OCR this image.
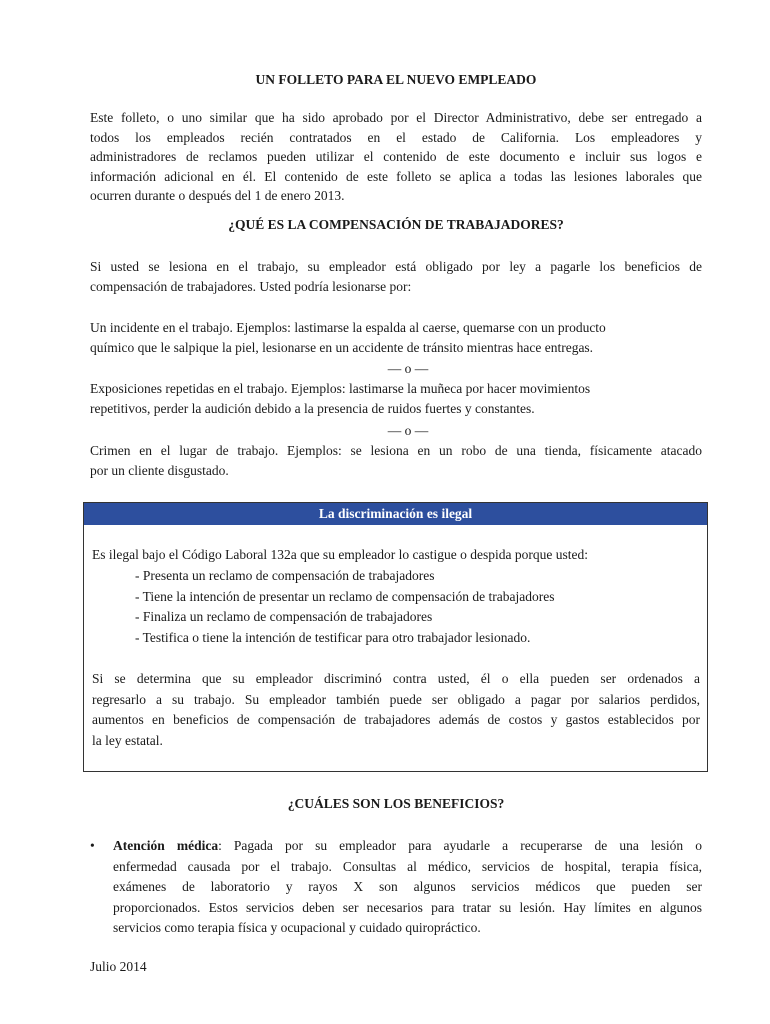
UN FOLLETO PARA EL NUEVO EMPLEADO
Este folleto, o uno similar que ha sido aprobado por el Director Administrativo, debe ser entregado a
todos los empleados recién contratados en el estado de California. Los empleadores y
administradores de reclamos pueden utilizar el contenido de este documento e incluir sus logos e
información adicional en él. El contenido de este folleto se aplica a todas las lesiones laborales que
ocurren durante o después del 1 de enero 2013.
¿QUÉ ES LA COMPENSACIÓN DE TRABAJADORES?
Si usted se lesiona en el trabajo, su empleador está obligado por ley a pagarle los beneficios de
compensación de trabajadores. Usted podría lesionarse por:
Un incidente en el trabajo. Ejemplos: lastimarse la espalda al caerse, quemarse con un producto
químico que le salpique la piel, lesionarse en un accidente de tránsito mientras hace entregas.
— o —
Exposiciones repetidas en el trabajo. Ejemplos: lastimarse la muñeca por hacer movimientos
repetitivos, perder la audición debido a la presencia de ruidos fuertes y constantes.
— o —
Crimen en el lugar de trabajo. Ejemplos: se lesiona en un robo de una tienda, físicamente atacado
por un cliente disgustado.
La discriminación es ilegal
Es ilegal bajo el Código Laboral 132a que su empleador lo castigue o despida porque usted:
Si se determina que su empleador discriminó contra usted, él o ella pueden ser ordenados a
regresarlo a su trabajo. Su empleador también puede ser obligado a pagar por salarios perdidos,
aumentos en beneficios de compensación de trabajadores además de costos y gastos establecidos por
la ley estatal.
- Presenta un reclamo de compensación de trabajadores
- Tiene la intención de presentar un reclamo de compensación de trabajadores
- Finaliza un reclamo de compensación de trabajadores
- Testifica o tiene la intención de testificar para otro trabajador lesionado.
¿CUÁLES SON LOS BENEFICIOS?
• Atención médica: Pagada por su empleador para ayudarle a recuperarse de una lesión o
enfermedad causada por el trabajo. Consultas al médico, servicios de hospital, terapia física,
exámenes de laboratorio y rayos X son algunos servicios médicos que pueden ser
proporcionados. Estos servicios deben ser necesarios para tratar su lesión. Hay límites en algunos
servicios como terapia física y ocupacional y cuidado quiropráctico.
Julio 2014
